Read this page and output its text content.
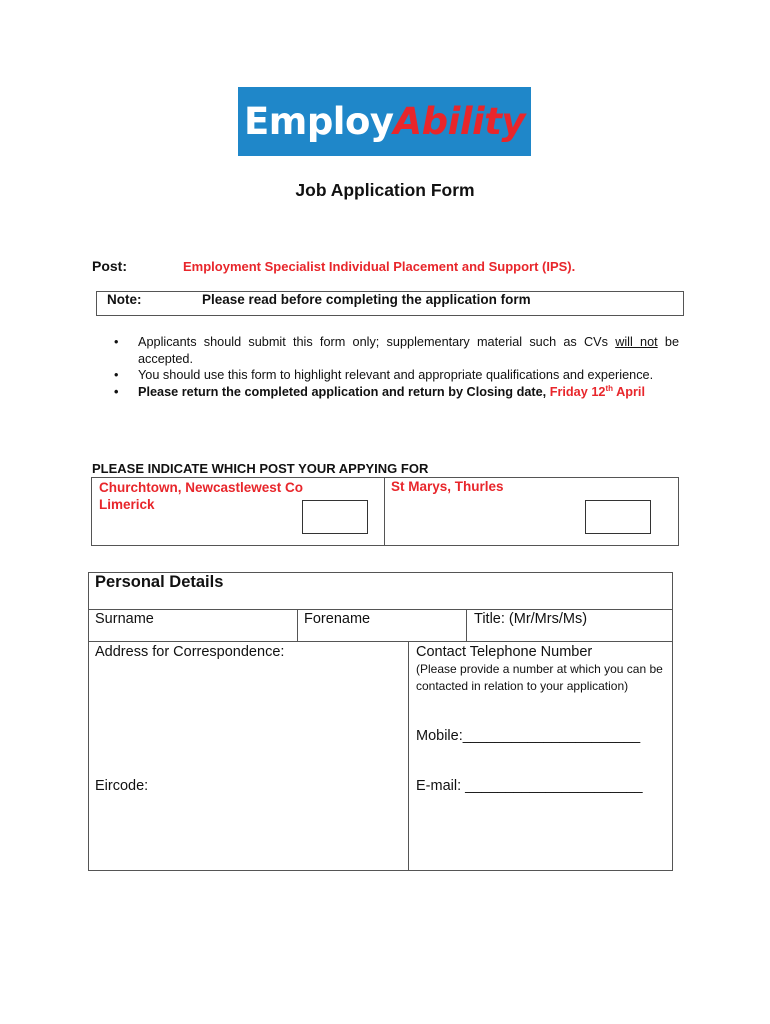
EmployAbility
Job Application Form
Post:	Employment Specialist Individual Placement and Support (IPS).
Note:	Please read before completing the application form
• Applicants should submit this form only; supplementary material such as CVs will not be accepted.
• You should use this form to highlight relevant and appropriate qualifications and experience.
• Please return the completed application and return by Closing date, Friday 12th April
PLEASE INDICATE WHICH POST YOUR APPYING FOR
Churchtown, Newcastlewest Co Limerick
St Marys, Thurles
Personal Details
Surname	Forename	Title: (Mr/Mrs/Ms)
Address for Correspondence:
Eircode:
Contact Telephone Number
(Please provide a number at which you can be contacted in relation to your application)
Mobile:______________________
E-mail: ______________________
